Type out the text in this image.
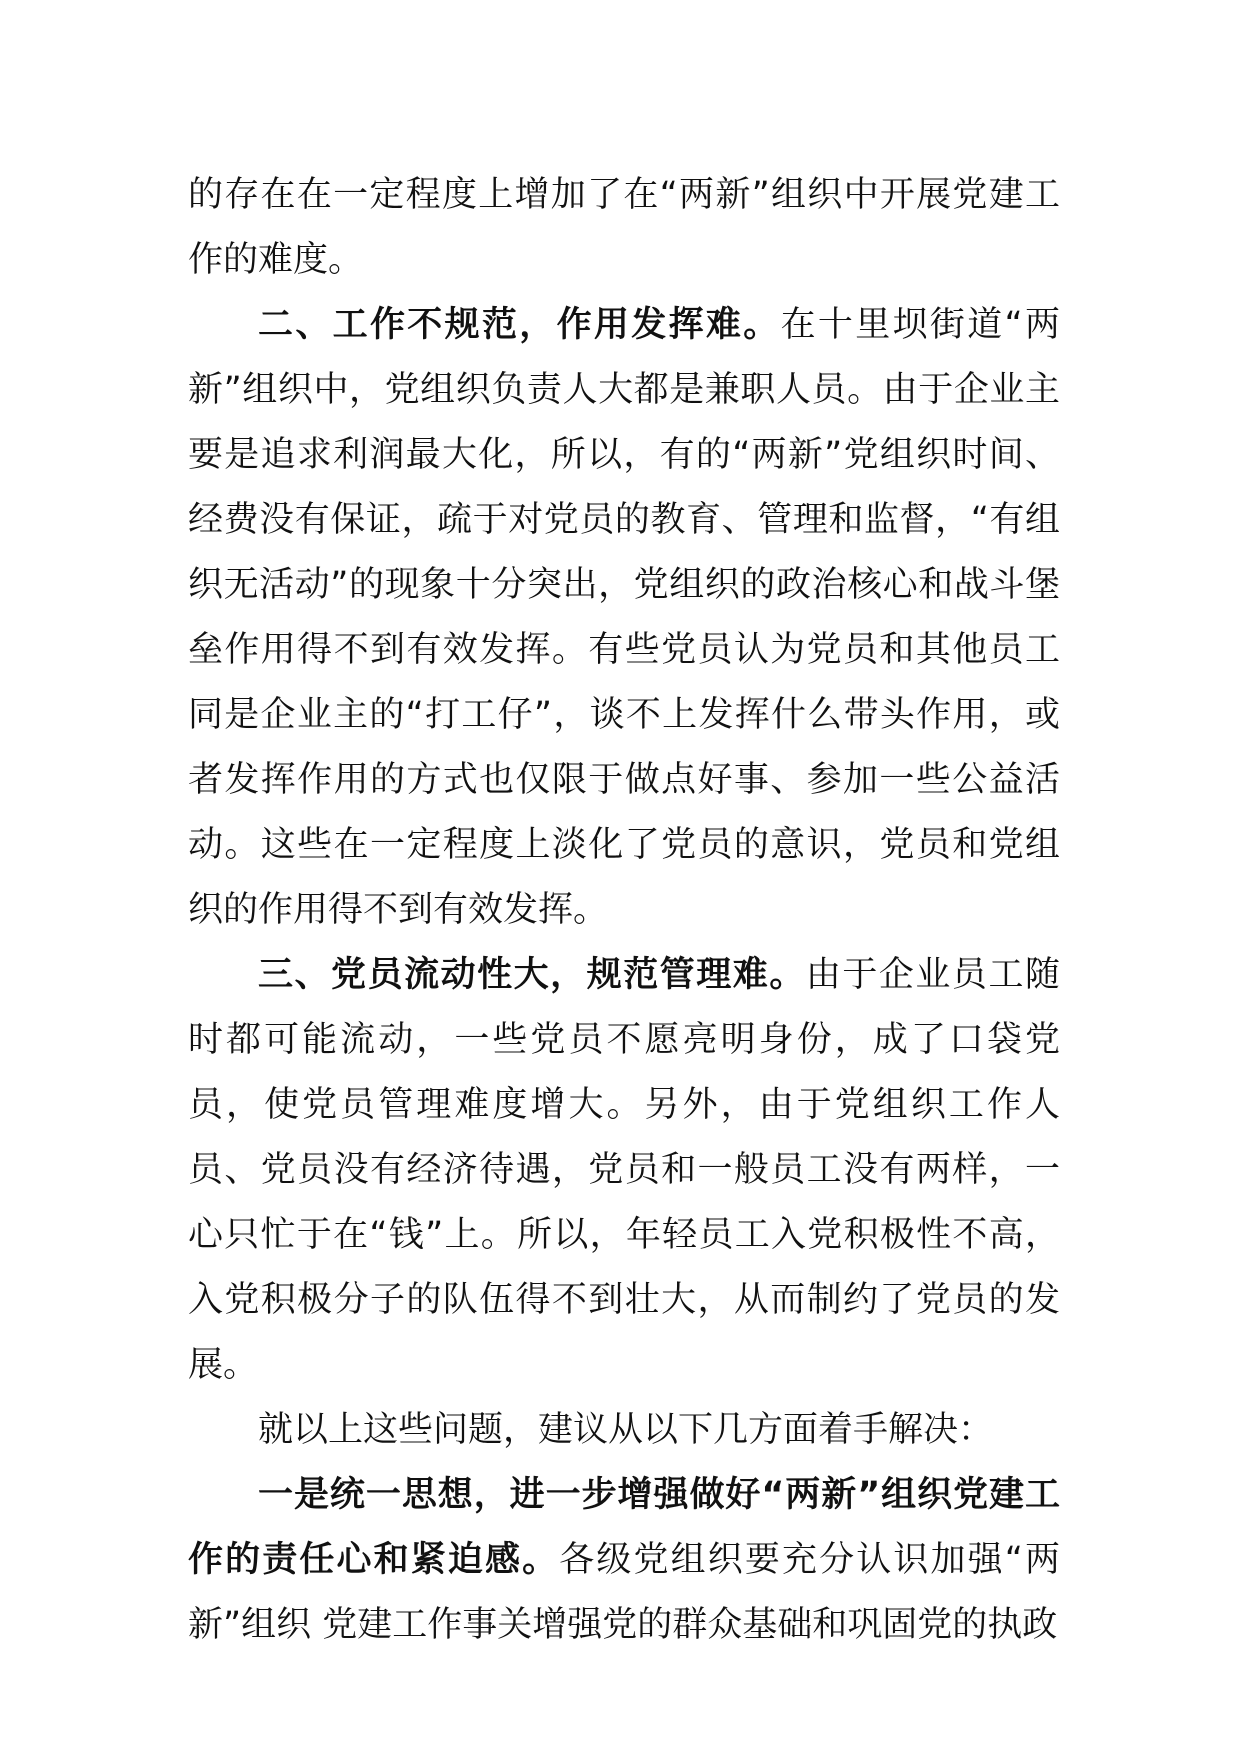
的存在在一定程度上增加了在“两新”组织中开展党建工作的难度。

二、工作不规范，作用发挥难。在十里坝街道“两新”组织中，党组织负责人大都是兼职人员。由于企业主要是追求利润最大化，所以，有的“两新”党组织时间、经费没有保证，疏于对党员的教育、管理和监督，“有组织无活动”的现象十分突出，党组织的政治核心和战斗堡垒作用得不到有效发挥。有些党员认为党员和其他员工同是企业主的“打工仔”，谈不上发挥什么带头作用，或者发挥作用的方式也仅限于做点好事、参加一些公益活动。这些在一定程度上淡化了党员的意识，党员和党组织的作用得不到有效发挥。

三、党员流动性大，规范管理难。由于企业员工随时都可能流动，一些党员不愿亮明身份，成了口袋党员，使党员管理难度增大。另外，由于党组织工作人员、党员没有经济待遇，党员和一般员工没有两样，一心只忙于在“钱”上。所以，年轻员工入党积极性不高，入党积极分子的队伍得不到壮大，从而制约了党员的发展。

就以上这些问题，建议从以下几方面着手解决：

一是统一思想，进一步增强做好“两新”组织党建工作的责任心和紧迫感。各级党组织要充分认识加强“两新”组织 党建工作事关增强党的群众基础和巩固党的执政
